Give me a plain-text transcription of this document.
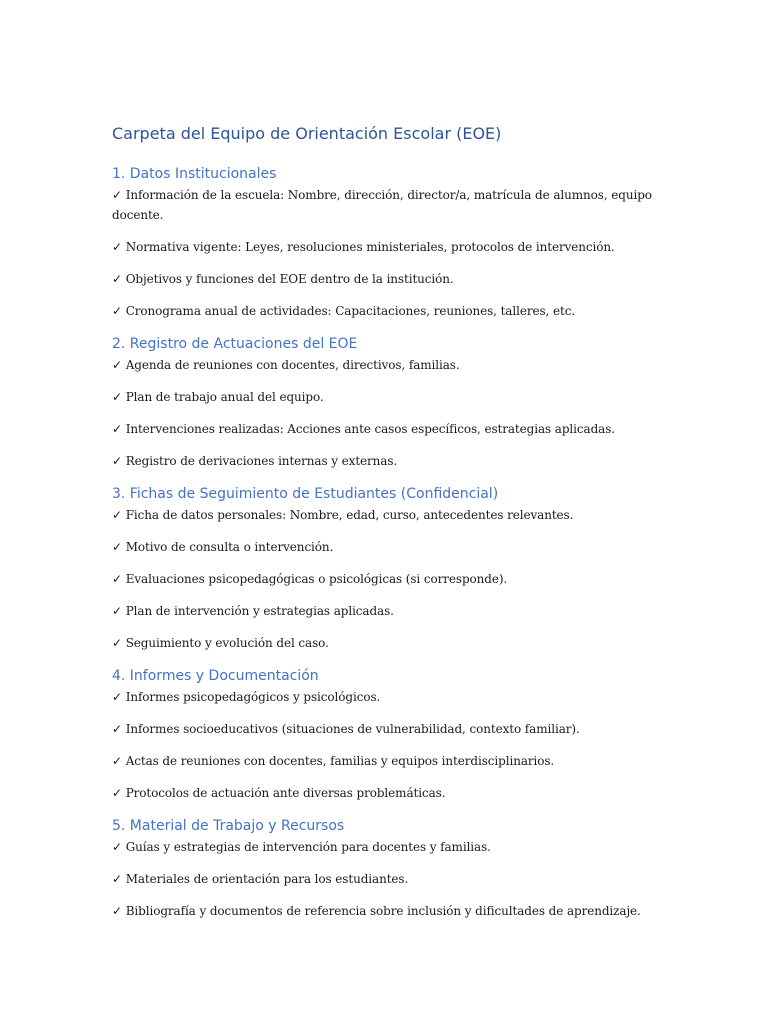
Carpeta del Equipo de Orientación Escolar (EOE)
1. Datos Institucionales

✓ Información de la escuela: Nombre, dirección, director/a, matrícula de alumnos, equipo docente.

✓ Normativa vigente: Leyes, resoluciones ministeriales, protocolos de intervención.

✓ Objetivos y funciones del EOE dentro de la institución.

✓ Cronograma anual de actividades: Capacitaciones, reuniones, talleres, etc.

2. Registro de Actuaciones del EOE

✓ Agenda de reuniones con docentes, directivos, familias.

✓ Plan de trabajo anual del equipo.

✓ Intervenciones realizadas: Acciones ante casos específicos, estrategias aplicadas.

✓ Registro de derivaciones internas y externas.

3. Fichas de Seguimiento de Estudiantes (Confidencial)

✓ Ficha de datos personales: Nombre, edad, curso, antecedentes relevantes.

✓ Motivo de consulta o intervención.

✓ Evaluaciones psicopedagógicas o psicológicas (si corresponde).

✓ Plan de intervención y estrategias aplicadas.

✓ Seguimiento y evolución del caso.

4. Informes y Documentación

✓ Informes psicopedagógicos y psicológicos.

✓ Informes socioeducativos (situaciones de vulnerabilidad, contexto familiar).

✓ Actas de reuniones con docentes, familias y equipos interdisciplinarios.

✓ Protocolos de actuación ante diversas problemáticas.

5. Material de Trabajo y Recursos

✓ Guías y estrategias de intervención para docentes y familias.

✓ Materiales de orientación para los estudiantes.

✓ Bibliografía y documentos de referencia sobre inclusión y dificultades de aprendizaje.
